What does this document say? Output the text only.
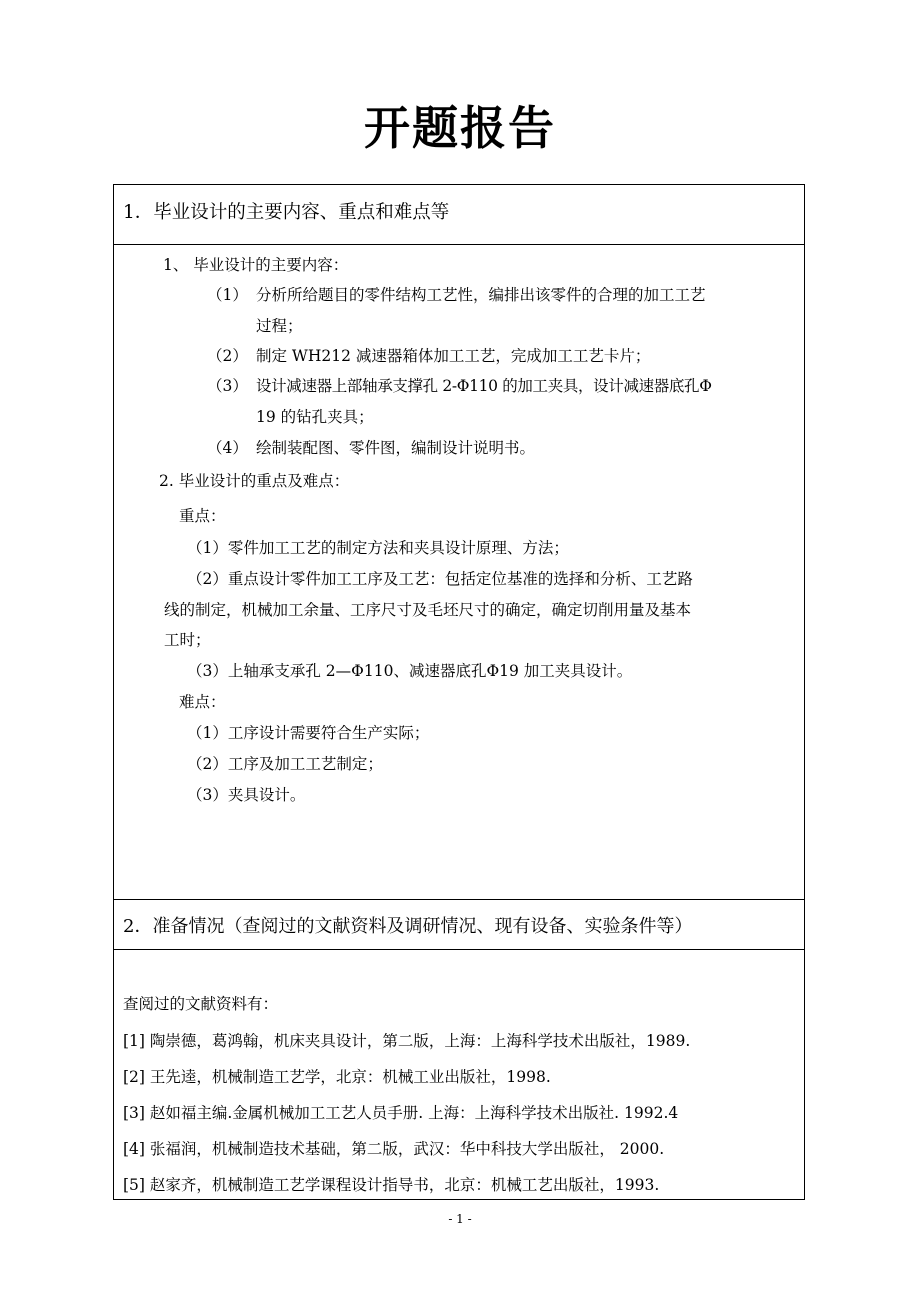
开题报告
1．毕业设计的主要内容、重点和难点等
1、 毕业设计的主要内容：
（1） 分析所给题目的零件结构工艺性，编排出该零件的合理的加工工艺
过程；
（2） 制定 WH212 减速器箱体加工工艺，完成加工工艺卡片；
（3） 设计减速器上部轴承支撑孔 2-Φ110 的加工夹具，设计减速器底孔Φ
19 的钻孔夹具；
（4） 绘制装配图、零件图，编制设计说明书。
2. 毕业设计的重点及难点：
重点：
（1）零件加工工艺的制定方法和夹具设计原理、方法；
（2）重点设计零件加工工序及工艺：包括定位基准的选择和分析、工艺路
线的制定，机械加工余量、工序尺寸及毛坯尺寸的确定，确定切削用量及基本
工时；
（3）上轴承支承孔 2—Φ110、减速器底孔Φ19 加工夹具设计。
难点：
（1）工序设计需要符合生产实际；
（2）工序及加工工艺制定；
（3）夹具设计。
2．准备情况（查阅过的文献资料及调研情况、现有设备、实验条件等）
查阅过的文献资料有：
[1] 陶崇德，葛鸿翰，机床夹具设计，第二版，上海：上海科学技术出版社，1989.
[2] 王先逵，机械制造工艺学，北京：机械工业出版社，1998.
[3] 赵如福主编.金属机械加工工艺人员手册. 上海：上海科学技术出版社. 1992.4
[4] 张福润，机械制造技术基础，第二版，武汉：华中科技大学出版社， 2000.
[5] 赵家齐，机械制造工艺学课程设计指导书，北京：机械工艺出版社，1993.
- 1 -
